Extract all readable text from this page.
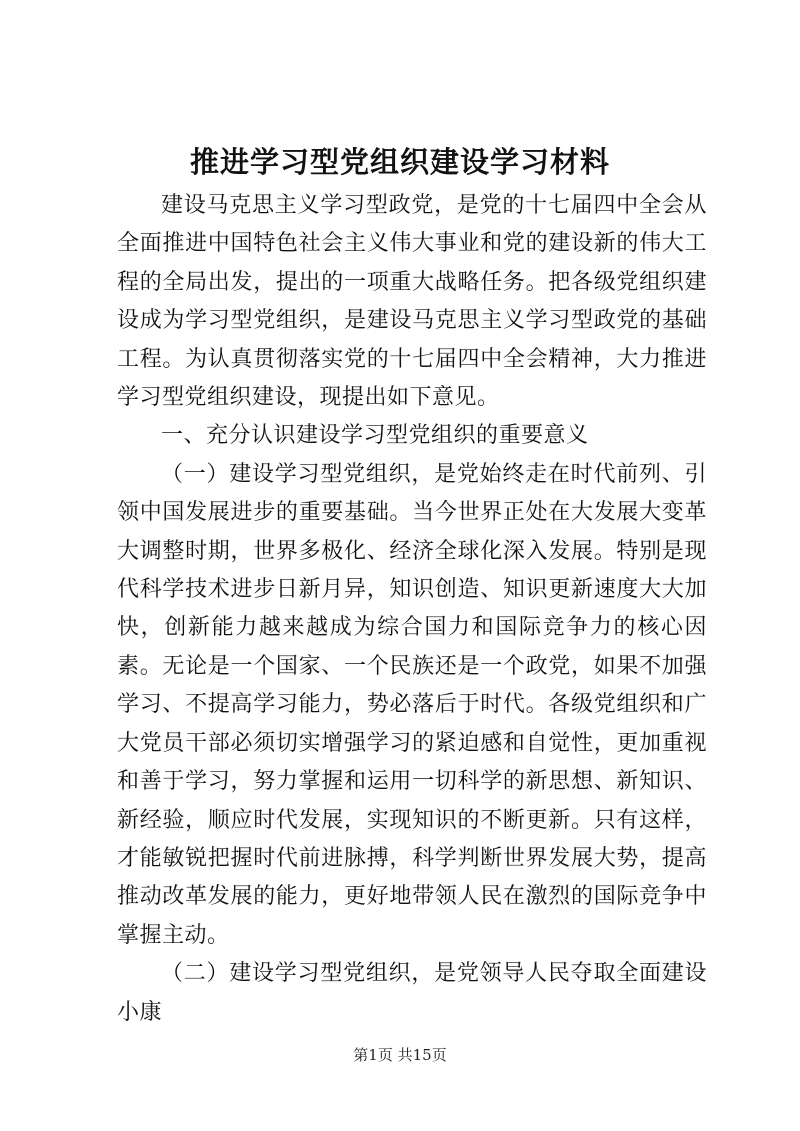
推进学习型党组织建设学习材料

建设马克思主义学习型政党，是党的十七届四中全会从全面推进中国特色社会主义伟大事业和党的建设新的伟大工程的全局出发，提出的一项重大战略任务。把各级党组织建设成为学习型党组织，是建设马克思主义学习型政党的基础工程。为认真贯彻落实党的十七届四中全会精神，大力推进学习型党组织建设，现提出如下意见。

一、充分认识建设学习型党组织的重要意义

（一）建设学习型党组织，是党始终走在时代前列、引领中国发展进步的重要基础。当今世界正处在大发展大变革大调整时期，世界多极化、经济全球化深入发展。特别是现代科学技术进步日新月异，知识创造、知识更新速度大大加快，创新能力越来越成为综合国力和国际竞争力的核心因素。无论是一个国家、一个民族还是一个政党，如果不加强学习、不提高学习能力，势必落后于时代。各级党组织和广大党员干部必须切实增强学习的紧迫感和自觉性，更加重视和善于学习，努力掌握和运用一切科学的新思想、新知识、新经验，顺应时代发展，实现知识的不断更新。只有这样，才能敏锐把握时代前进脉搏，科学判断世界发展大势，提高推动改革发展的能力，更好地带领人民在激烈的国际竞争中掌握主动。

（二）建设学习型党组织，是党领导人民夺取全面建设小康

第1页 共15页
